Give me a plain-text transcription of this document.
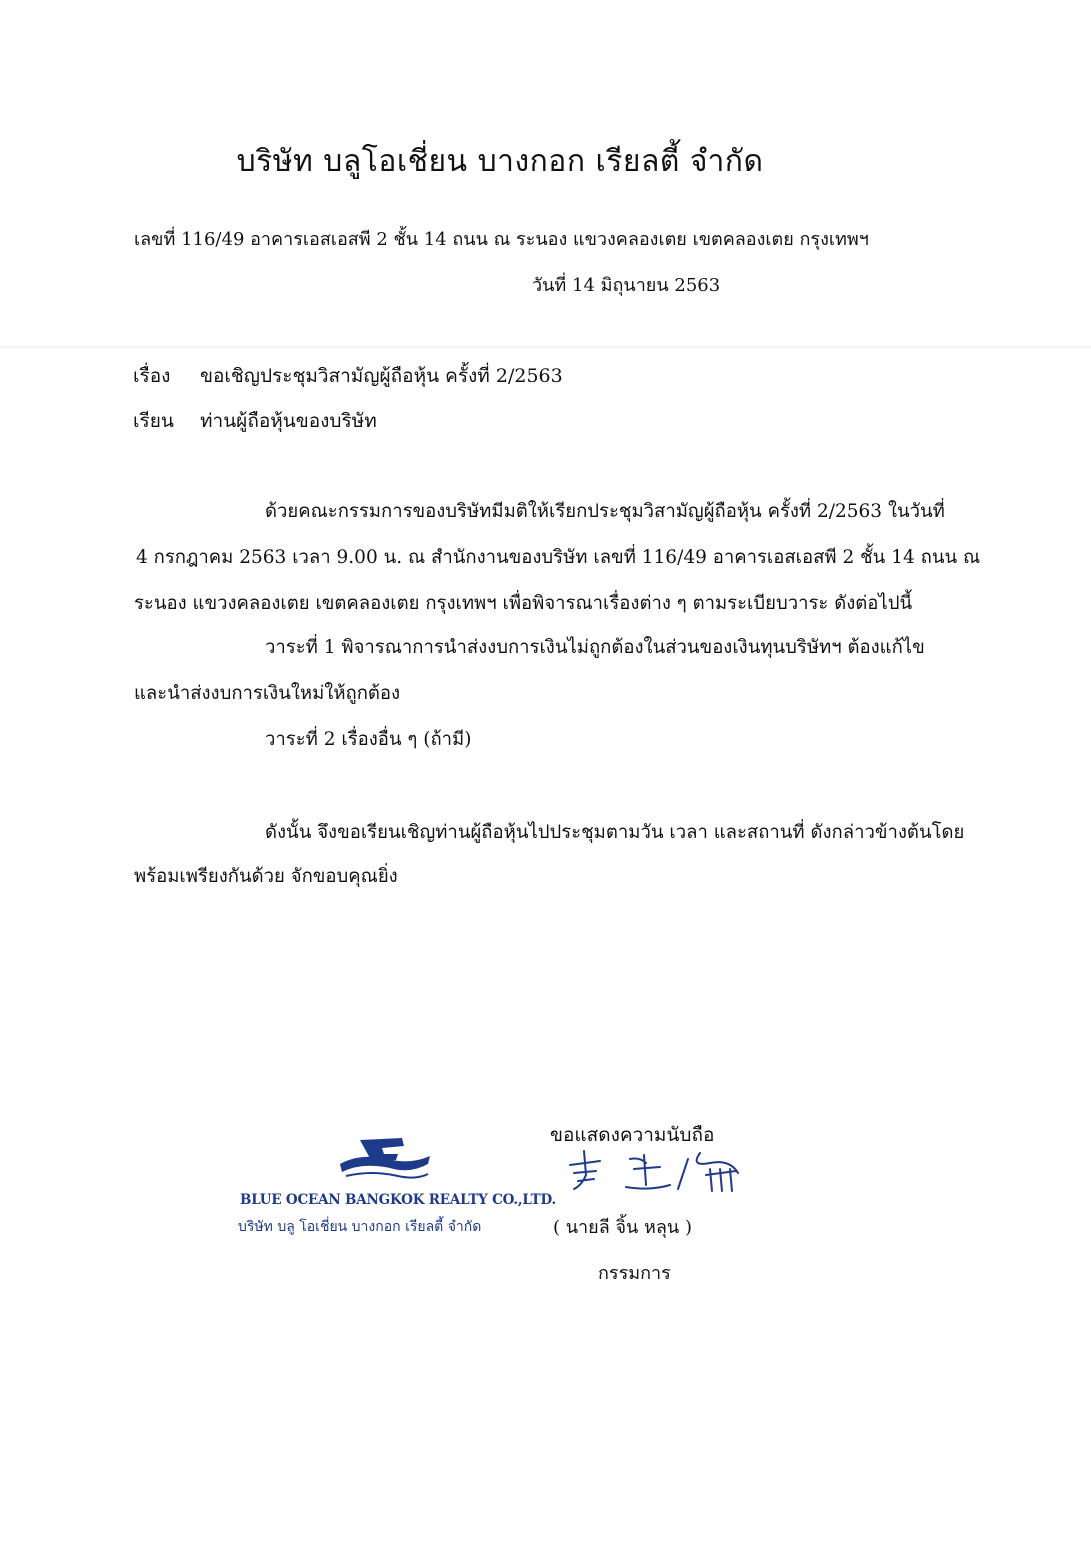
บริษัท บลูโอเชี่ยน บางกอก เรียลตี้ จำกัด
เลขที่ 116/49 อาคารเอสเอสพี 2 ชั้น 14 ถนน ณ ระนอง แขวงคลองเตย เขตคลองเตย กรุงเทพฯ
วันที่ 14 มิถุนายน 2563
เรื่อง ขอเชิญประชุมวิสามัญผู้ถือหุ้น ครั้งที่ 2/2563
เรียน ท่านผู้ถือหุ้นของบริษัท
ด้วยคณะกรรมการของบริษัทมีมติให้เรียกประชุมวิสามัญผู้ถือหุ้น ครั้งที่ 2/2563 ในวันที่
4 กรกฎาคม 2563 เวลา 9.00 น. ณ สำนักงานของบริษัท เลขที่ 116/49 อาคารเอสเอสพี 2 ชั้น 14 ถนน ณ
ระนอง แขวงคลองเตย เขตคลองเตย กรุงเทพฯ เพื่อพิจารณาเรื่องต่าง ๆ ตามระเบียบวาระ ดังต่อไปนี้
วาระที่ 1 พิจารณาการนำส่งงบการเงินไม่ถูกต้องในส่วนของเงินทุนบริษัทฯ ต้องแก้ไข
และนำส่งงบการเงินใหม่ให้ถูกต้อง
วาระที่ 2 เรื่องอื่น ๆ (ถ้ามี)
ดังนั้น จึงขอเรียนเชิญท่านผู้ถือหุ้นไปประชุมตามวัน เวลา และสถานที่ ดังกล่าวข้างต้นโดย
พร้อมเพรียงกันด้วย จักขอบคุณยิ่ง
ขอแสดงความนับถือ
BLUE OCEAN BANGKOK REALTY CO.,LTD.
บริษัท บลู โอเชี่ยน บางกอก เรียลตี้ จำกัด	( นายลี จิ้น หลุน )
กรรมการ
